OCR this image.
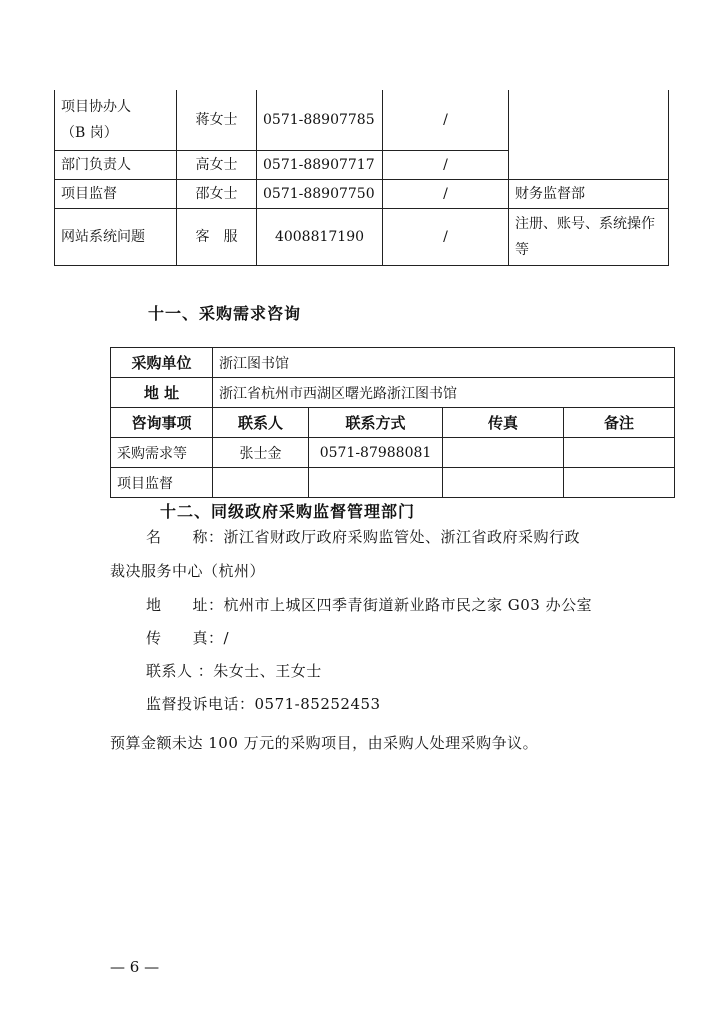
项目协办人
（B 岗）	蒋女士	0571-88907785	/	
部门负责人	高女士	0571-88907717	/	
项目监督	邵女士	0571-88907750	/	财务监督部
网站系统问题	客　服	4008817190	/	注册、账号、系统操作等
十一、采购需求咨询
采购单位	浙江图书馆			
地 址	浙江省杭州市西湖区曙光路浙江图书馆			
咨询事项	联系人	联系方式	传真	备注
采购需求等	张士金	0571-87988081		
项目监督				
十二、同级政府采购监督管理部门
名　　称：浙江省财政厅政府采购监管处、浙江省政府采购行政
裁决服务中心（杭州）
地　　址：杭州市上城区四季青街道新业路市民之家 G03 办公室
传　　真：/
联系人 ：朱女士、王女士
监督投诉电话：0571-85252453
预算金额未达 100 万元的采购项目，由采购人处理采购争议。
— 6 —
